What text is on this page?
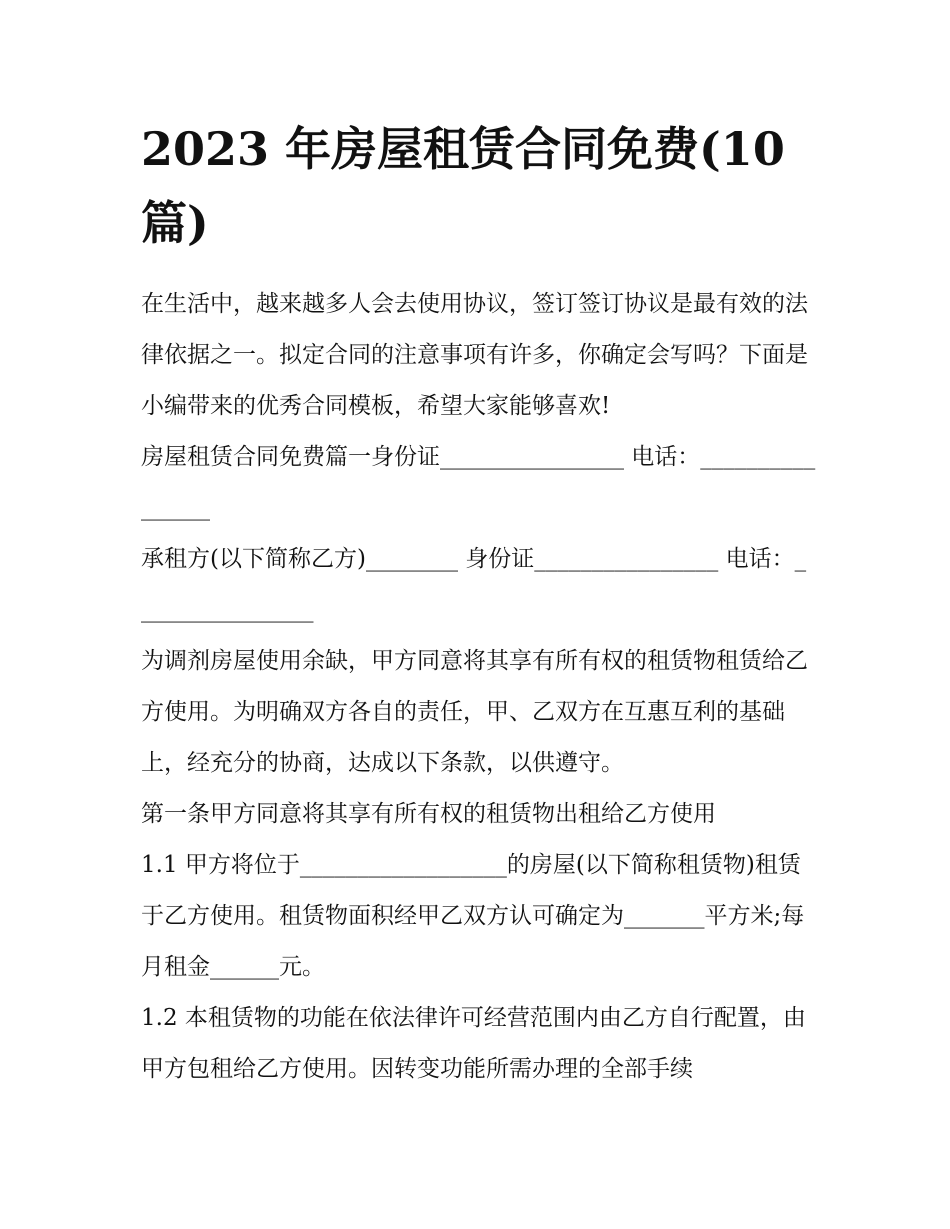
2023 年房屋租赁合同免费(10 篇)

在生活中，越来越多人会去使用协议，签订签订协议是最有效的法律依据之一。拟定合同的注意事项有许多，你确定会写吗？下面是小编带来的优秀合同模板，希望大家能够喜欢!

房屋租赁合同免费篇一身份证________________ 电话：________________

承租方(以下简称乙方)________ 身份证________________ 电话：________________

为调剂房屋使用余缺，甲方同意将其享有所有权的租赁物租赁给乙方使用。为明确双方各自的责任，甲、乙双方在互惠互利的基础上，经充分的协商，达成以下条款，以供遵守。

第一条甲方同意将其享有所有权的租赁物出租给乙方使用

1.1 甲方将位于__________________的房屋(以下简称租赁物)租赁于乙方使用。租赁物面积经甲乙双方认可确定为_______平方米;每月租金______元。

1.2 本租赁物的功能在依法律许可经营范围内由乙方自行配置，由甲方包租给乙方使用。因转变功能所需办理的全部手续
